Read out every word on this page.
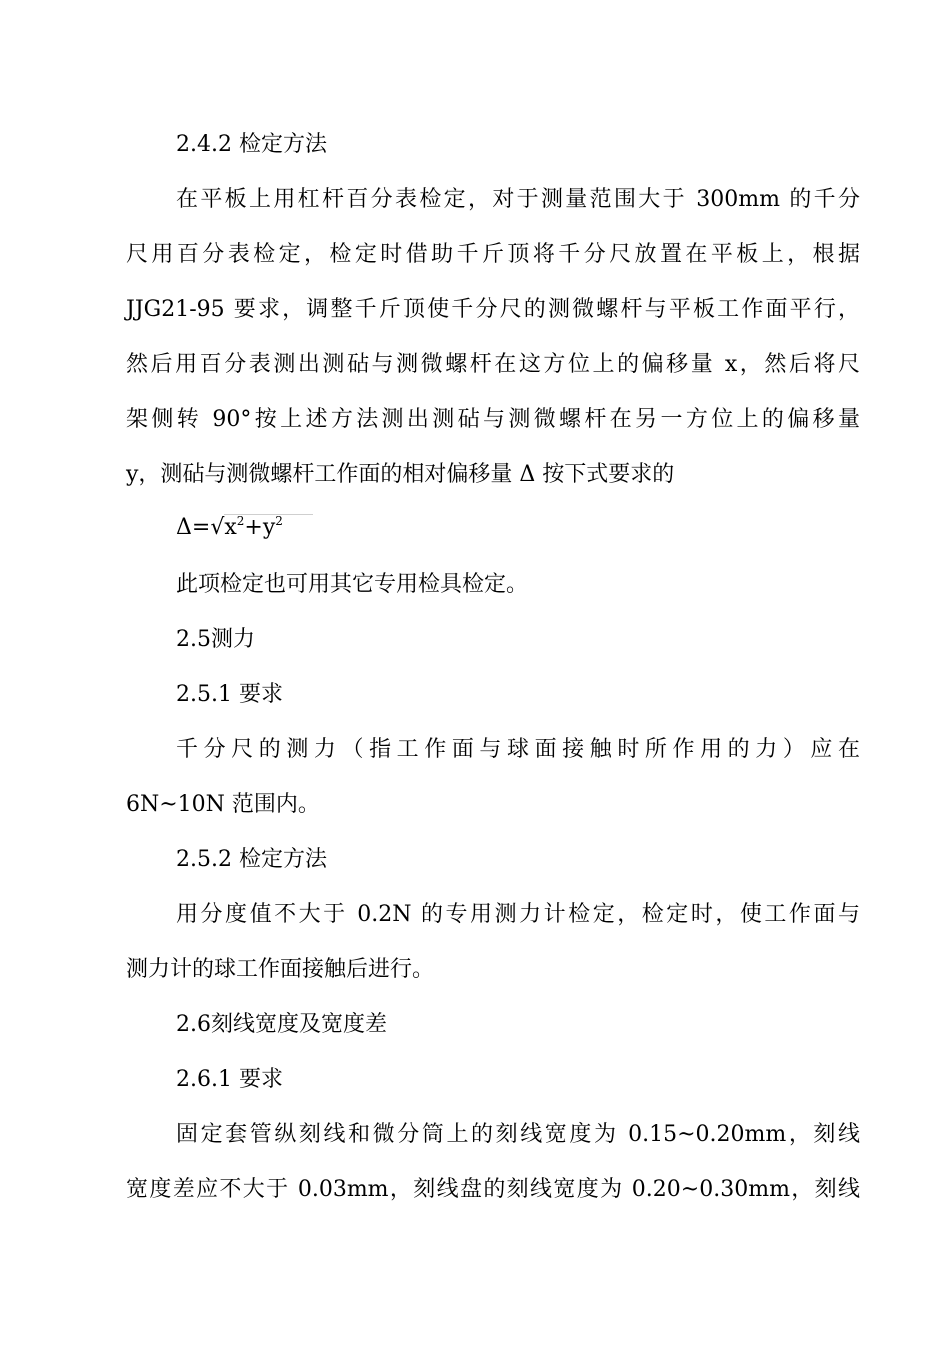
2.4.2 检定方法
在平板上用杠杆百分表检定，对于测量范围大于 300mm 的千分
尺用百分表检定，检定时借助千斤顶将千分尺放置在平板上，根据
JJG21-95 要求，调整千斤顶使千分尺的测微螺杆与平板工作面平行，
然后用百分表测出测砧与测微螺杆在这方位上的偏移量 x，然后将尺
架侧转 90°按上述方法测出测砧与测微螺杆在另一方位上的偏移量
y，测砧与测微螺杆工作面的相对偏移量 Δ 按下式要求的
$\Delta=√x^2+y^2$
此项检定也可用其它专用检具检定。
2.5测力
2.5.1 要求
千分尺的测力（指工作面与球面接触时所作用的力）应在
6N~10N 范围内。
2.5.2 检定方法
用分度值不大于 0.2N 的专用测力计检定，检定时，使工作面与
测力计的球工作面接触后进行。
2.6刻线宽度及宽度差
2.6.1 要求
固定套管纵刻线和微分筒上的刻线宽度为 0.15~0.20mm，刻线
宽度差应不大于 0.03mm，刻线盘的刻线宽度为 0.20~0.30mm，刻线
